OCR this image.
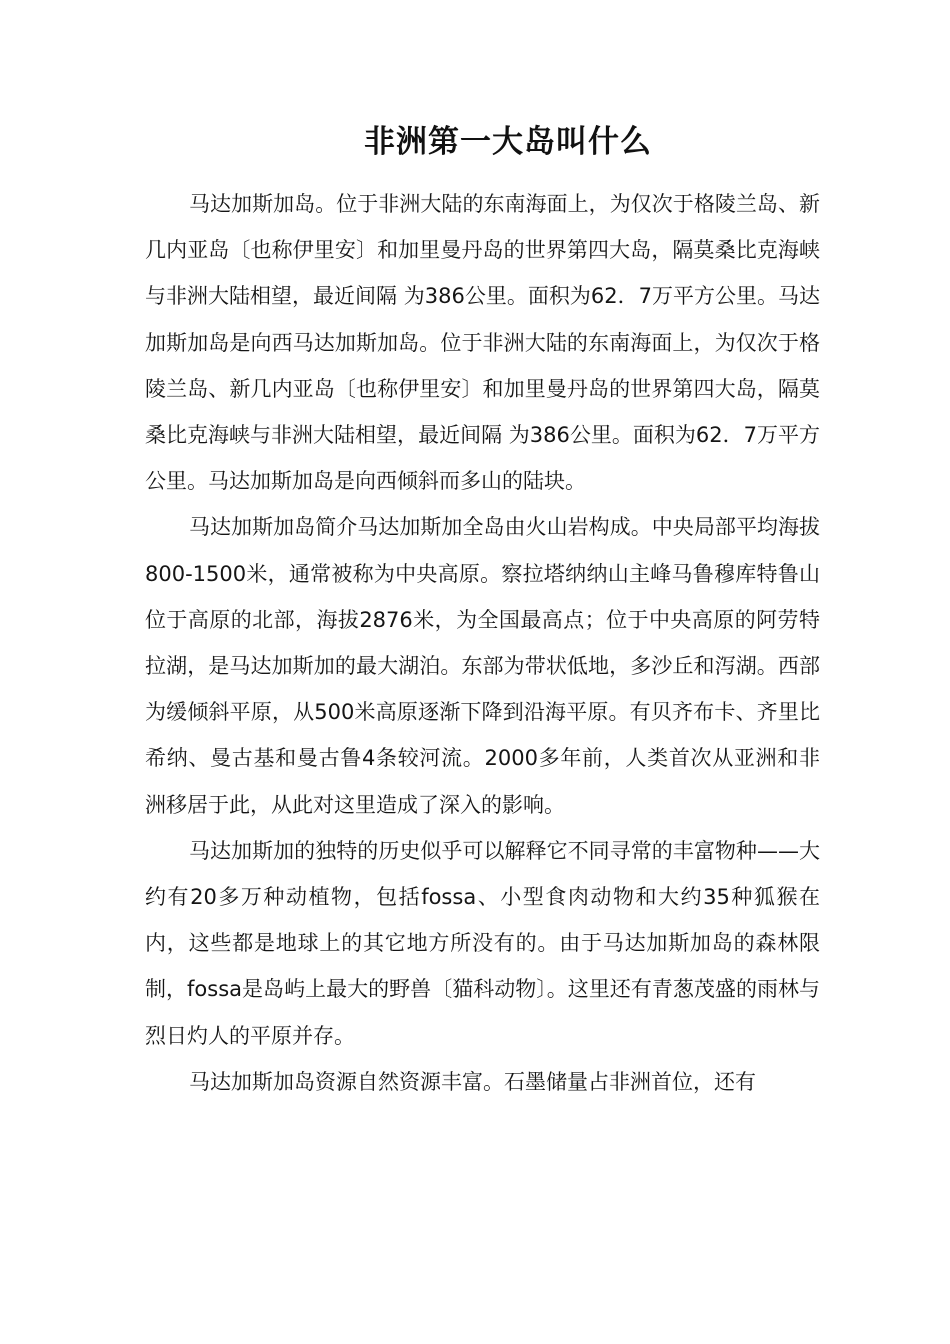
非洲第一大岛叫什么

马达加斯加岛。位于非洲大陆的东南海面上，为仅次于格陵兰岛、新几内亚岛〔也称伊里安〕和加里曼丹岛的世界第四大岛，隔莫桑比克海峡与非洲大陆相望，最近间隔 为386公里。面积为62．7万平方公里。马达加斯加岛是向西马达加斯加岛。位于非洲大陆的东南海面上，为仅次于格陵兰岛、新几内亚岛〔也称伊里安〕和加里曼丹岛的世界第四大岛，隔莫桑比克海峡与非洲大陆相望，最近间隔 为386公里。面积为62．7万平方公里。马达加斯加岛是向西倾斜而多山的陆块。

马达加斯加岛简介马达加斯加全岛由火山岩构成。中央局部平均海拔800-1500米，通常被称为中央高原。察拉塔纳纳山主峰马鲁穆库特鲁山位于高原的北部，海拔2876米，为全国最高点；位于中央高原的阿劳特拉湖，是马达加斯加的最大湖泊。东部为带状低地，多沙丘和泻湖。西部为缓倾斜平原，从500米高原逐渐下降到沿海平原。有贝齐布卡、齐里比希纳、曼古基和曼古鲁4条较河流。2000多年前，人类首次从亚洲和非洲移居于此，从此对这里造成了深入的影响。

马达加斯加的独特的历史似乎可以解释它不同寻常的丰富物种——大约有20多万种动植物，包括fossa、小型食肉动物和大约35种狐猴在内，这些都是地球上的其它地方所没有的。由于马达加斯加岛的森林限制，fossa是岛屿上最大的野兽〔猫科动物〕。这里还有青葱茂盛的雨林与烈日灼人的平原并存。

马达加斯加岛资源自然资源丰富。石墨储量占非洲首位，还有
